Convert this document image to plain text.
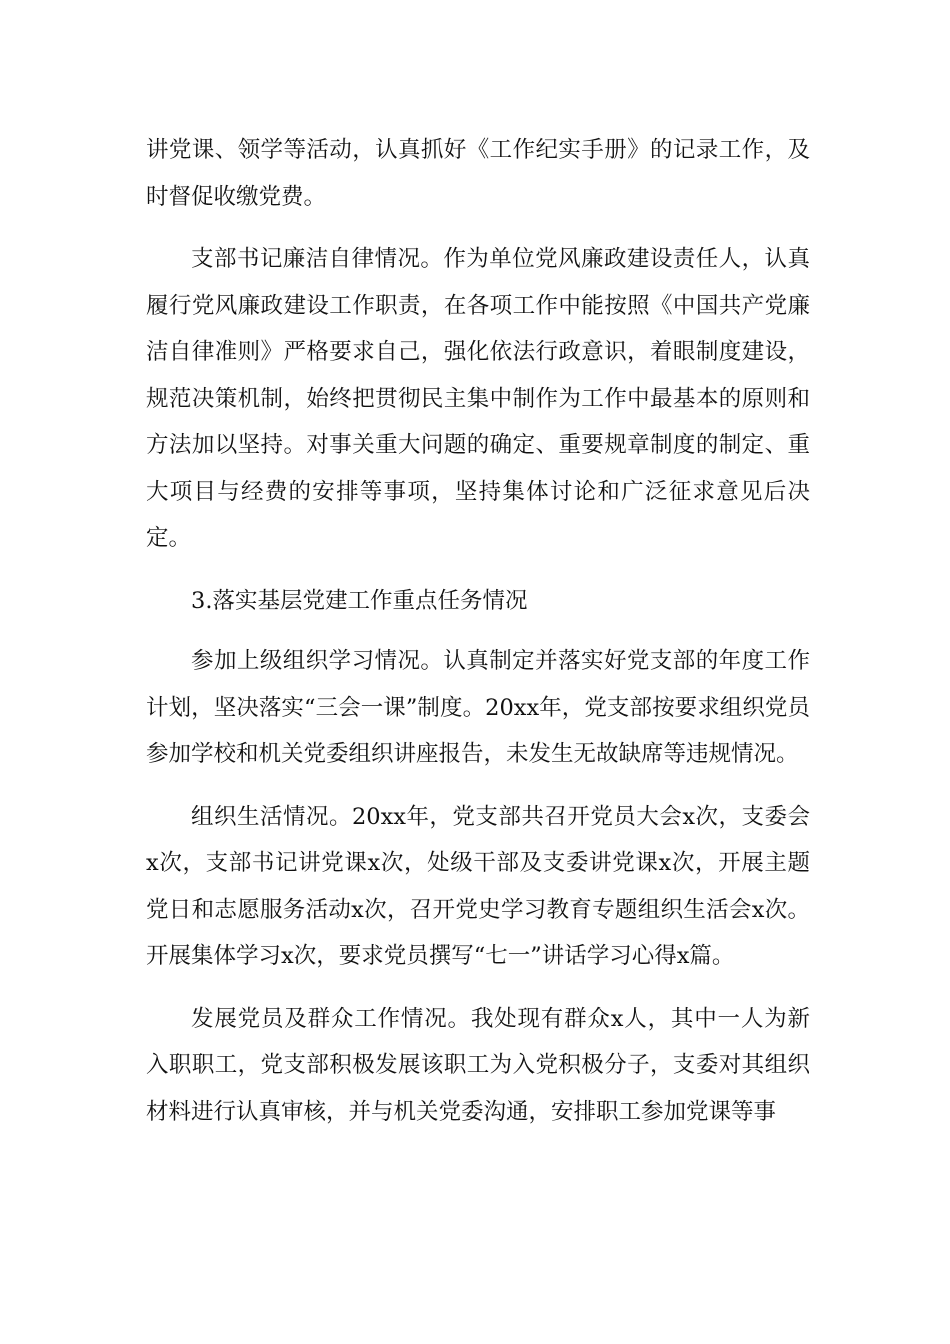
讲党课、领学等活动，认真抓好《工作纪实手册》的记录工作，及时督促收缴党费。

支部书记廉洁自律情况。作为单位党风廉政建设责任人，认真履行党风廉政建设工作职责，在各项工作中能按照《中国共产党廉洁自律准则》严格要求自己，强化依法行政意识，着眼制度建设，规范决策机制，始终把贯彻民主集中制作为工作中最基本的原则和方法加以坚持。对事关重大问题的确定、重要规章制度的制定、重大项目与经费的安排等事项，坚持集体讨论和广泛征求意见后决定。

3.落实基层党建工作重点任务情况

参加上级组织学习情况。认真制定并落实好党支部的年度工作计划，坚决落实“三会一课”制度。20xx年，党支部按要求组织党员参加学校和机关党委组织讲座报告，未发生无故缺席等违规情况。

组织生活情况。20xx年，党支部共召开党员大会x次，支委会x次，支部书记讲党课x次，处级干部及支委讲党课x次，开展主题党日和志愿服务活动x次，召开党史学习教育专题组织生活会x次。开展集体学习x次，要求党员撰写“七一”讲话学习心得x篇。

发展党员及群众工作情况。我处现有群众x人，其中一人为新入职职工，党支部积极发展该职工为入党积极分子，支委对其组织材料进行认真审核，并与机关党委沟通，安排职工参加党课等事
